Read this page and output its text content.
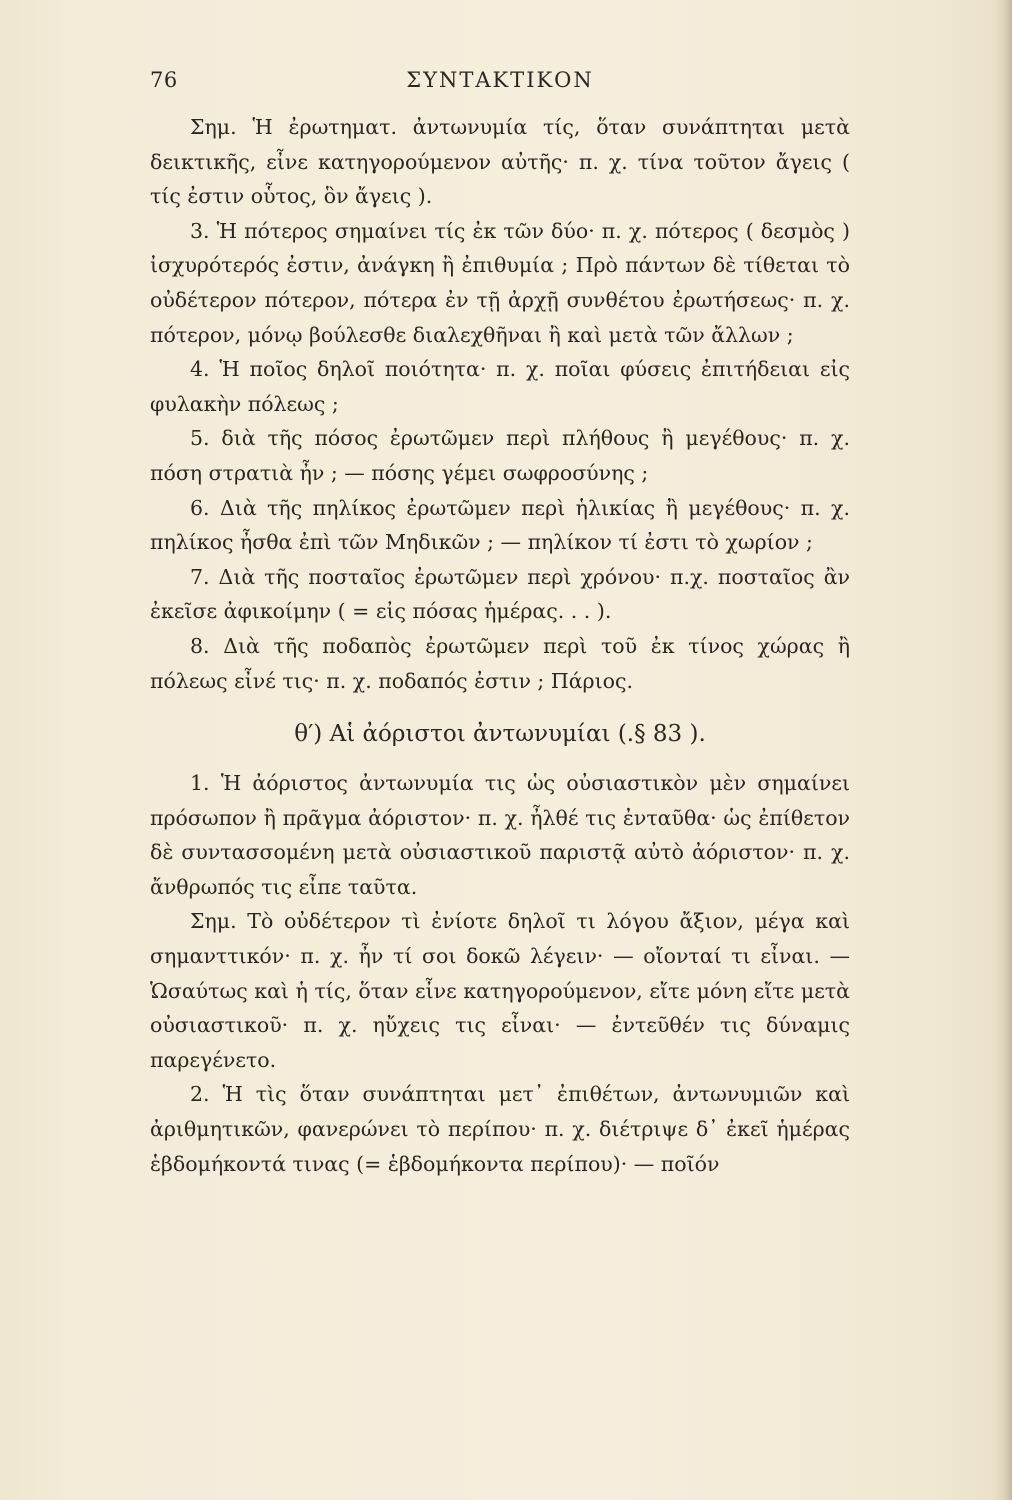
76	ΣΥΝΤΑΚΤΙΚΟΝ

Σημ. Ἡ ἐρωτηματ. ἀντωνυμία τίς, ὅταν συνάπτηται μετὰ δεικτικῆς, εἶνε κατηγορούμενον αὐτῆς· π. χ. τίνα τοῦτον ἄγεις ( τίς ἐστιν οὗτος, ὃν ἄγεις ).

3. Ἡ πότερος σημαίνει τίς ἐκ τῶν δύο· π. χ. πότερος ( δεσμὸς ) ἰσχυρότερός ἐστιν, ἀνάγκη ἢ ἐπιθυμία ; Πρὸ πάντων δὲ τίθεται τὸ οὐδέτερον πότερον, πότερα ἐν τῇ ἀρχῇ συνθέτου ἐρωτήσεως· π. χ. πότερον, μόνῳ βούλεσθε διαλεχθῆναι ἢ καὶ μετὰ τῶν ἄλλων ;

4. Ἡ ποῖος δηλοῖ ποιότητα· π. χ. ποῖαι φύσεις ἐπιτήδειαι εἰς φυλακὴν πόλεως ;

5. διὰ τῆς πόσος ἐρωτῶμεν περὶ πλήθους ἢ μεγέθους· π. χ. πόση στρατιὰ ἦν ; — πόσης γέμει σωφροσύνης ;

6. Διὰ τῆς πηλίκος ἐρωτῶμεν περὶ ἡλικίας ἢ μεγέθους· π. χ. πηλίκος ἦσθα ἐπὶ τῶν Μηδικῶν ; — πηλίκον τί ἐστι τὸ χωρίον ;

7. Διὰ τῆς ποσταῖος ἐρωτῶμεν περὶ χρόνου· π.χ. ποσταῖος ἂν ἐκεῖσε ἀφικοίμην ( = εἰς πόσας ἡμέρας. . . ).

8. Διὰ τῆς ποδαπὸς ἐρωτῶμεν περὶ τοῦ ἐκ τίνος χώρας ἢ πόλεως εἶνέ τις· π. χ. ποδαπός ἐστιν ; Πάριος.

θ′) Αἱ ἀόριστοι ἀντωνυμίαι (.§ 83 ).

1. Ἡ ἀόριστος ἀντωνυμία τις ὡς οὐσιαστικὸν μὲν σημαίνει πρόσωπον ἢ πρᾶγμα ἀόριστον· π. χ. ἦλθέ τις ἐνταῦθα· ὡς ἐπίθετον δὲ συντασσομένη μετὰ οὐσιαστικοῦ παριστᾷ αὐτὸ ἀόριστον· π. χ. ἄνθρωπός τις εἶπε ταῦτα.

Σημ. Τὸ οὐδέτερον τὶ ἐνίοτε δηλοῖ τι λόγου ἄξιον, μέγα καὶ σημανττικόν· π. χ. ἦν τί σοι δοκῶ λέγειν· — οἴονταί τι εἶναι. — Ὡσαύτως καὶ ἡ τίς, ὅταν εἶνε κατηγορούμενον, εἴτε μόνη εἴτε μετὰ οὐσιαστικοῦ· π. χ. ηὔχεις τις εἶναι· — ἐντεῦθέν τις δύναμις παρεγένετο.

2. Ἡ τὶς ὅταν συνάπτηται μετ᾽ ἐπιθέτων, ἀντωνυμιῶν καὶ ἀριθμητικῶν, φανερώνει τὸ περίπου· π. χ. διέτριψε δ᾽ ἐκεῖ ἡμέρας ἑβδομήκοντά τινας (= ἑβδομήκοντα περίπου)· — ποῖόν
